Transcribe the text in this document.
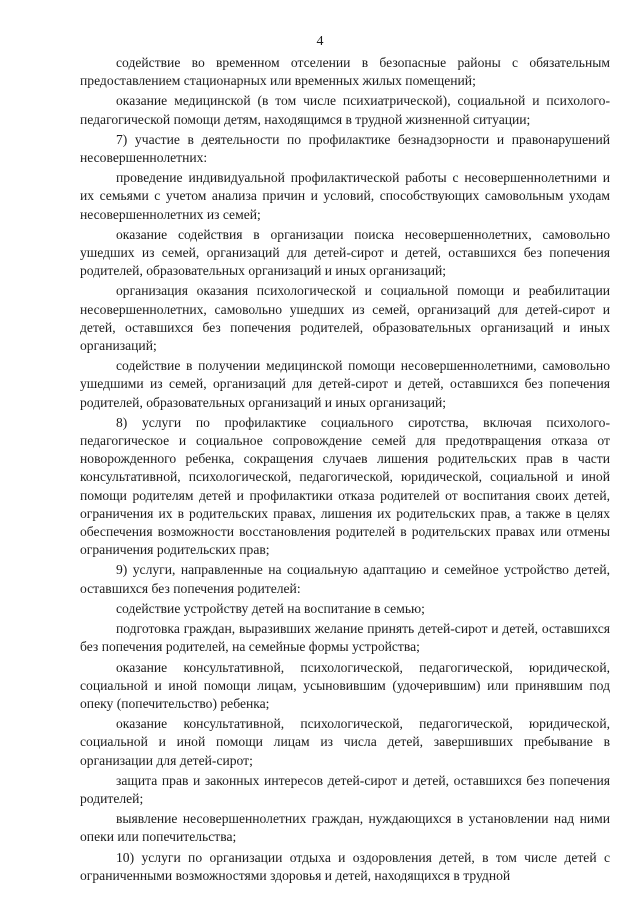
4

содействие во временном отселении в безопасные районы с обязательным предоставлением стационарных или временных жилых помещений;

оказание медицинской (в том числе психиатрической), социальной и психолого-педагогической помощи детям, находящимся в трудной жизненной ситуации;

7) участие в деятельности по профилактике безнадзорности и правонарушений несовершеннолетних:

проведение индивидуальной профилактической работы с несовершеннолетними и их семьями с учетом анализа причин и условий, способствующих самовольным уходам несовершеннолетних из семей;

оказание содействия в организации поиска несовершеннолетних, самовольно ушедших из семей, организаций для детей-сирот и детей, оставшихся без попечения родителей, образовательных организаций и иных организаций;

организация оказания психологической и социальной помощи и реабилитации несовершеннолетних, самовольно ушедших из семей, организаций для детей-сирот и детей, оставшихся без попечения родителей, образовательных организаций и иных организаций;

содействие в получении медицинской помощи несовершеннолетними, самовольно ушедшими из семей, организаций для детей-сирот и детей, оставшихся без попечения родителей, образовательных организаций и иных организаций;

8) услуги по профилактике социального сиротства, включая психолого-педагогическое и социальное сопровождение семей для предотвращения отказа от новорожденного ребенка, сокращения случаев лишения родительских прав в части консультативной, психологической, педагогической, юридической, социальной и иной помощи родителям детей и профилактики отказа родителей от воспитания своих детей, ограничения их в родительских правах, лишения их родительских прав, а также в целях обеспечения возможности восстановления родителей в родительских правах или отмены ограничения родительских прав;

9) услуги, направленные на социальную адаптацию и семейное устройство детей, оставшихся без попечения родителей:

содействие устройству детей на воспитание в семью;

подготовка граждан, выразивших желание принять детей-сирот и детей, оставшихся без попечения родителей, на семейные формы устройства;

оказание консультативной, психологической, педагогической, юридической, социальной и иной помощи лицам, усыновившим (удочерившим) или принявшим под опеку (попечительство) ребенка;

оказание консультативной, психологической, педагогической, юридической, социальной и иной помощи лицам из числа детей, завершивших пребывание в организации для детей-сирот;

защита прав и законных интересов детей-сирот и детей, оставшихся без попечения родителей;

выявление несовершеннолетних граждан, нуждающихся в установлении над ними опеки или попечительства;

10) услуги по организации отдыха и оздоровления детей, в том числе детей с ограниченными возможностями здоровья и детей, находящихся в трудной
